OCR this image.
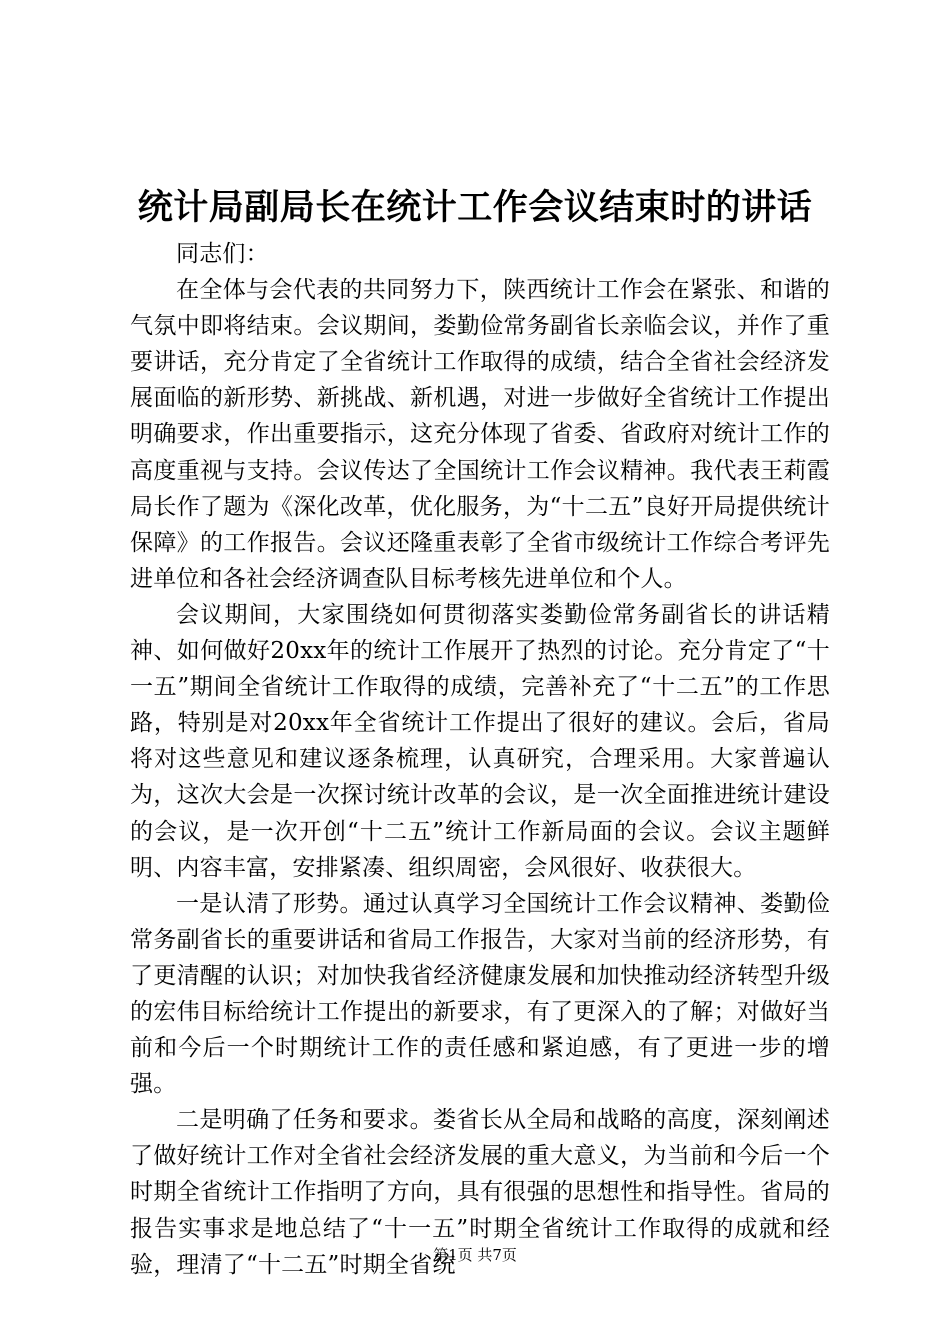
统计局副局长在统计工作会议结束时的讲话

同志们：

在全体与会代表的共同努力下，陕西统计工作会在紧张、和谐的气氛中即将结束。会议期间，娄勤俭常务副省长亲临会议，并作了重要讲话，充分肯定了全省统计工作取得的成绩，结合全省社会经济发展面临的新形势、新挑战、新机遇，对进一步做好全省统计工作提出明确要求，作出重要指示，这充分体现了省委、省政府对统计工作的高度重视与支持。会议传达了全国统计工作会议精神。我代表王莉霞局长作了题为《深化改革，优化服务，为“十二五”良好开局提供统计保障》的工作报告。会议还隆重表彰了全省市级统计工作综合考评先进单位和各社会经济调查队目标考核先进单位和个人。

会议期间，大家围绕如何贯彻落实娄勤俭常务副省长的讲话精神、如何做好20xx年的统计工作展开了热烈的讨论。充分肯定了“十一五”期间全省统计工作取得的成绩，完善补充了“十二五”的工作思路，特别是对20xx年全省统计工作提出了很好的建议。会后，省局将对这些意见和建议逐条梳理，认真研究，合理采用。大家普遍认为，这次大会是一次探讨统计改革的会议，是一次全面推进统计建设的会议，是一次开创“十二五”统计工作新局面的会议。会议主题鲜明、内容丰富，安排紧凑、组织周密，会风很好、收获很大。

一是认清了形势。通过认真学习全国统计工作会议精神、娄勤俭常务副省长的重要讲话和省局工作报告，大家对当前的经济形势，有了更清醒的认识；对加快我省经济健康发展和加快推动经济转型升级的宏伟目标给统计工作提出的新要求，有了更深入的了解；对做好当前和今后一个时期统计工作的责任感和紧迫感，有了更进一步的增强。

二是明确了任务和要求。娄省长从全局和战略的高度，深刻阐述了做好统计工作对全省社会经济发展的重大意义，为当前和今后一个时期全省统计工作指明了方向，具有很强的思想性和指导性。省局的报告实事求是地总结了“十一五”时期全省统计工作取得的成就和经验，理清了“十二五”时期全省统

第1页 共7页
